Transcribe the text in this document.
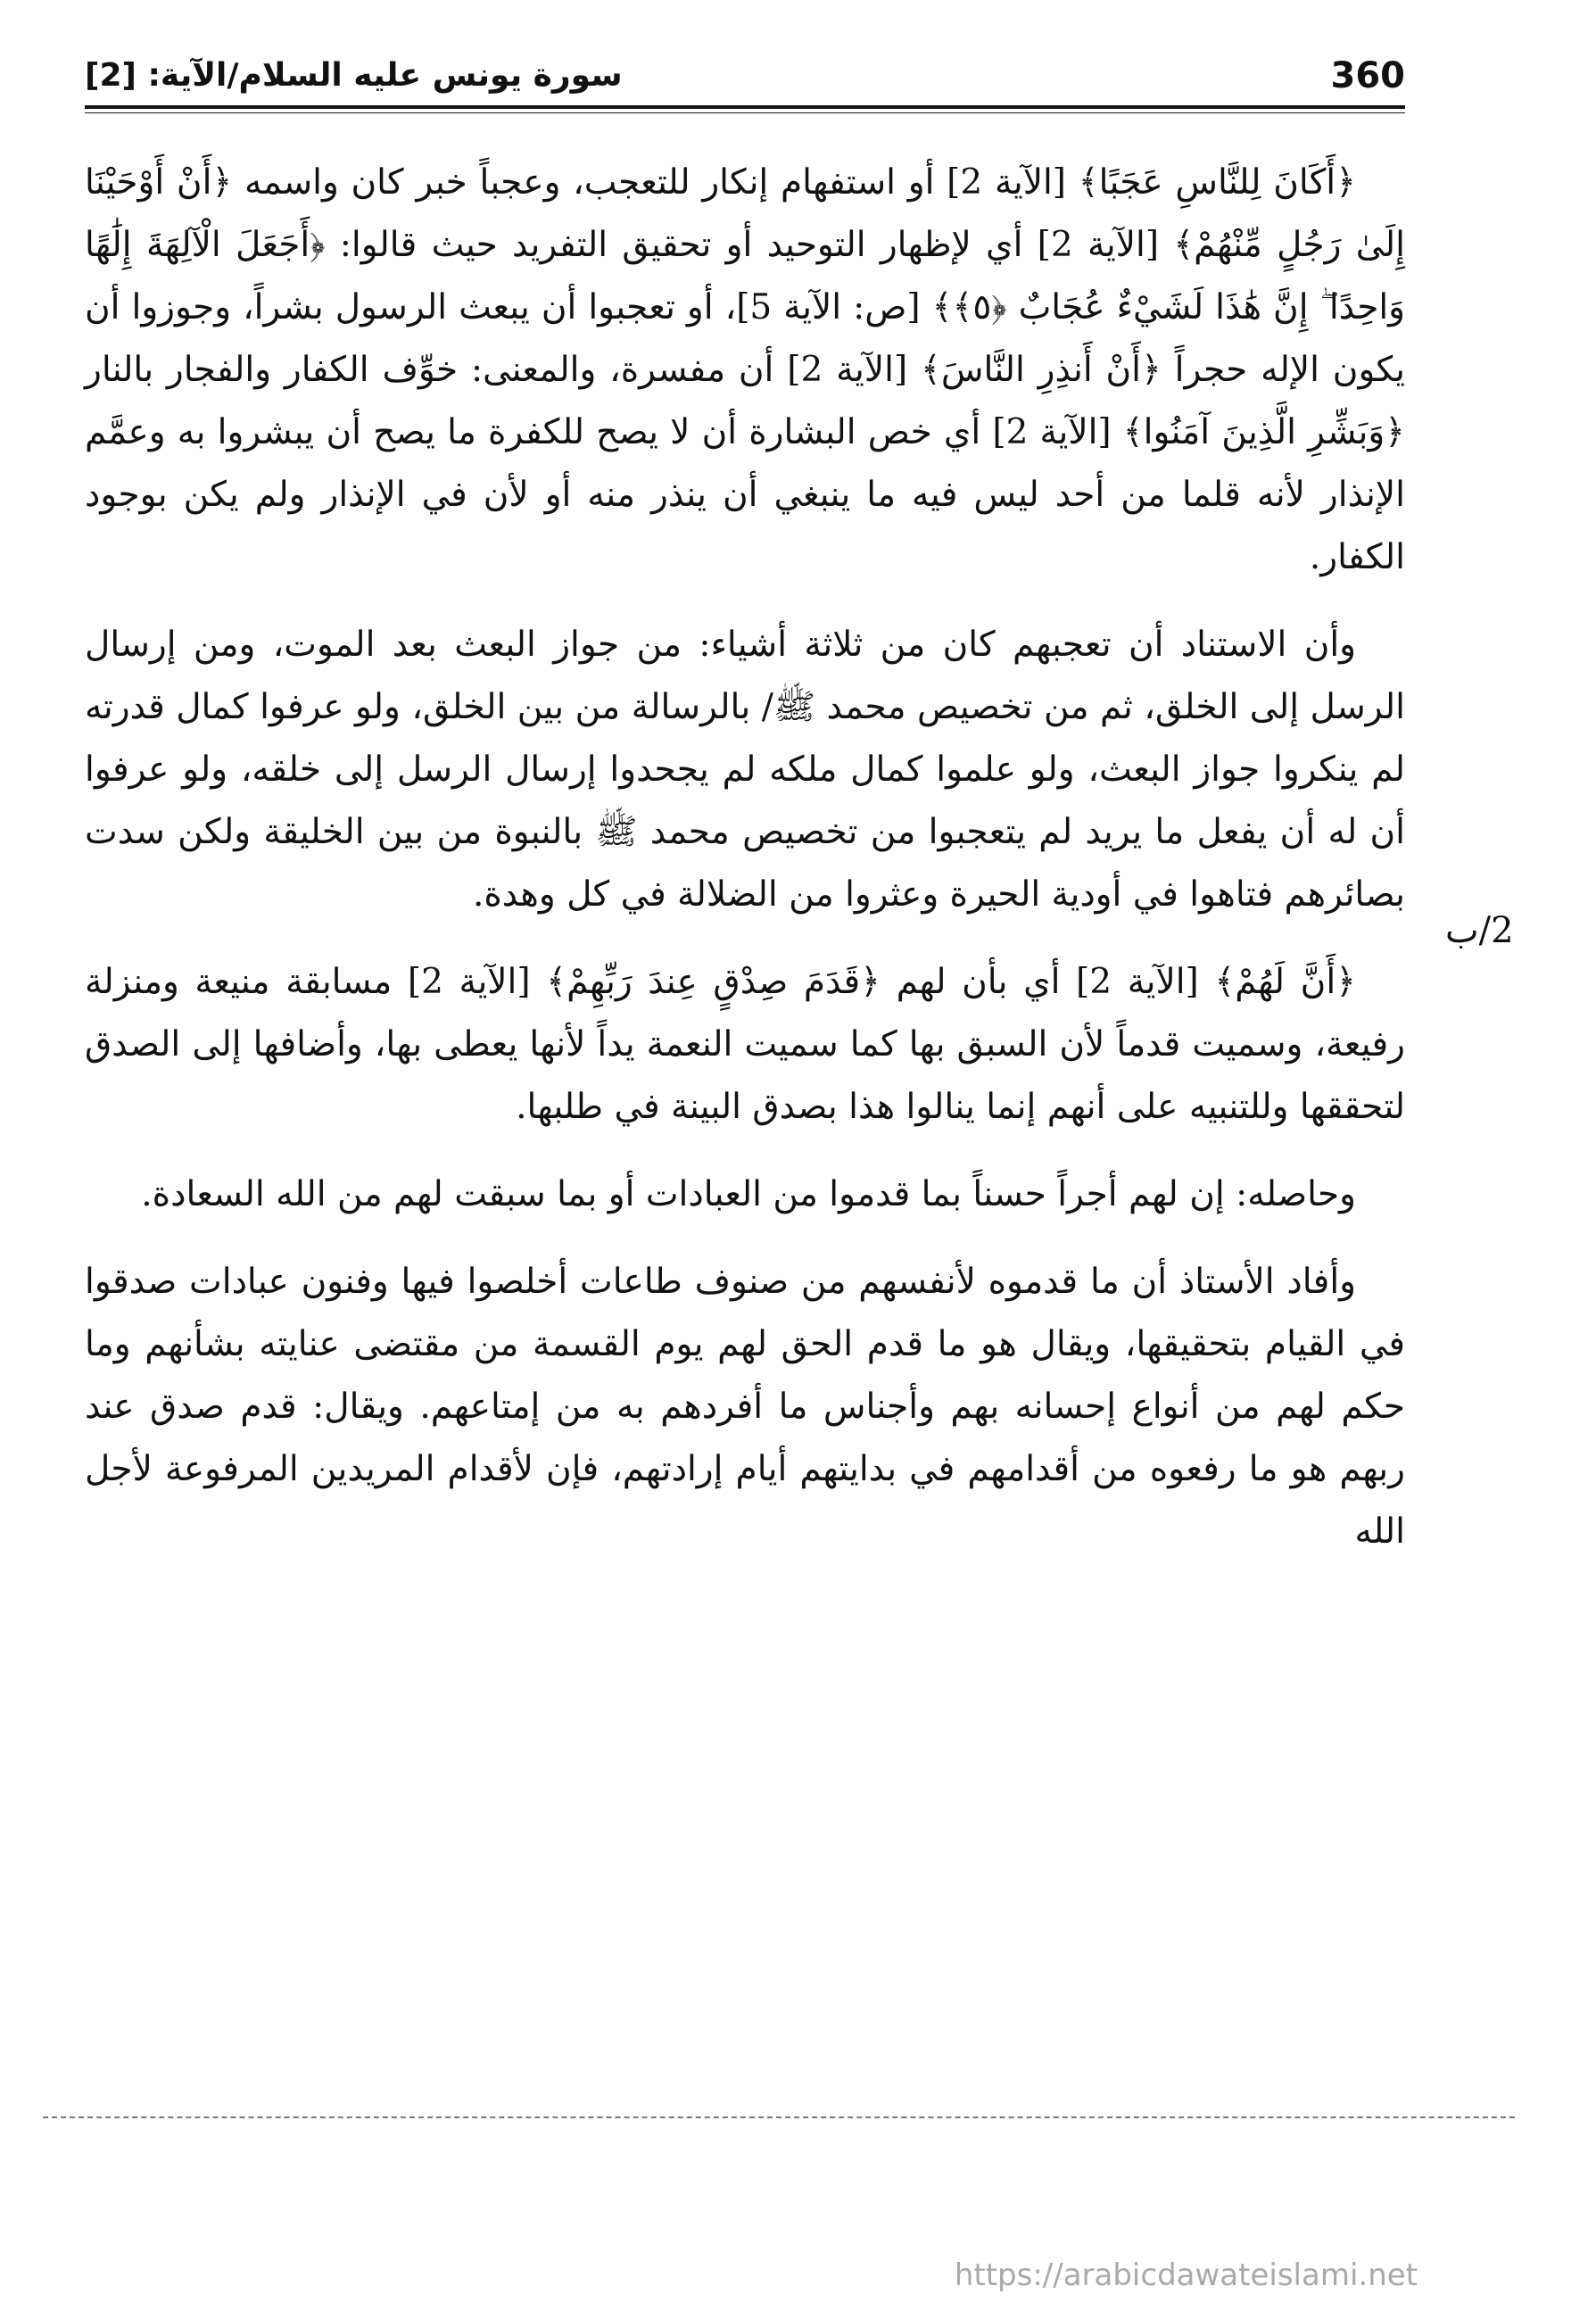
360
سورة يونس عليه السلام/الآية: [2]
2/ب

﴿أَكَانَ لِلنَّاسِ عَجَبًا﴾ [الآية 2] أو استفهام إنكار للتعجب، وعجباً خبر كان واسمه ﴿أَنْ أَوْحَيْنَا إِلَىٰ رَجُلٍ مِّنْهُمْ﴾ [الآية 2] أي لإظهار التوحيد أو تحقيق التفريد حيث قالوا: ﴿أَجَعَلَ الْآلِهَةَ إِلَٰهًا وَاحِدًا ۖ إِنَّ هَٰذَا لَشَيْءٌ عُجَابٌ ﴿٥﴾﴾ [ص: الآية 5]، أو تعجبوا أن يبعث الرسول بشراً، وجوزوا أن يكون الإله حجراً ﴿أَنْ أَنذِرِ النَّاسَ﴾ [الآية 2] أن مفسرة، والمعنى: خوِّف الكفار والفجار بالنار ﴿وَبَشِّرِ الَّذِينَ آمَنُوا﴾ [الآية 2] أي خص البشارة أن لا يصح للكفرة ما يصح أن يبشروا به وعمَّم الإنذار لأنه قلما من أحد ليس فيه ما ينبغي أن ينذر منه أو لأن في الإنذار ولم يكن بوجود الكفار.

وأن الاستناد أن تعجبهم كان من ثلاثة أشياء: من جواز البعث بعد الموت، ومن إرسال الرسل إلى الخلق، ثم من تخصيص محمد ﷺ/ بالرسالة من بين الخلق، ولو عرفوا كمال قدرته لم ينكروا جواز البعث، ولو علموا كمال ملكه لم يجحدوا إرسال الرسل إلى خلقه، ولو عرفوا أن له أن يفعل ما يريد لم يتعجبوا من تخصيص محمد ﷺ بالنبوة من بين الخليقة ولكن سدت بصائرهم فتاهوا في أودية الحيرة وعثروا من الضلالة في كل وهدة.

﴿أَنَّ لَهُمْ﴾ [الآية 2] أي بأن لهم ﴿قَدَمَ صِدْقٍ عِندَ رَبِّهِمْ﴾ [الآية 2] مسابقة منيعة ومنزلة رفيعة، وسميت قدماً لأن السبق بها كما سميت النعمة يداً لأنها يعطى بها، وأضافها إلى الصدق لتحققها وللتنبيه على أنهم إنما ينالوا هذا بصدق البينة في طلبها.

وحاصله: إن لهم أجراً حسناً بما قدموا من العبادات أو بما سبقت لهم من الله السعادة.

وأفاد الأستاذ أن ما قدموه لأنفسهم من صنوف طاعات أخلصوا فيها وفنون عبادات صدقوا في القيام بتحقيقها، ويقال هو ما قدم الحق لهم يوم القسمة من مقتضى عنايته بشأنهم وما حكم لهم من أنواع إحسانه بهم وأجناس ما أفردهم به من إمتاعهم. ويقال: قدم صدق عند ربهم هو ما رفعوه من أقدامهم في بدايتهم أيام إرادتهم، فإن لأقدام المريدين المرفوعة لأجل الله

https://arabicdawateislami.net
